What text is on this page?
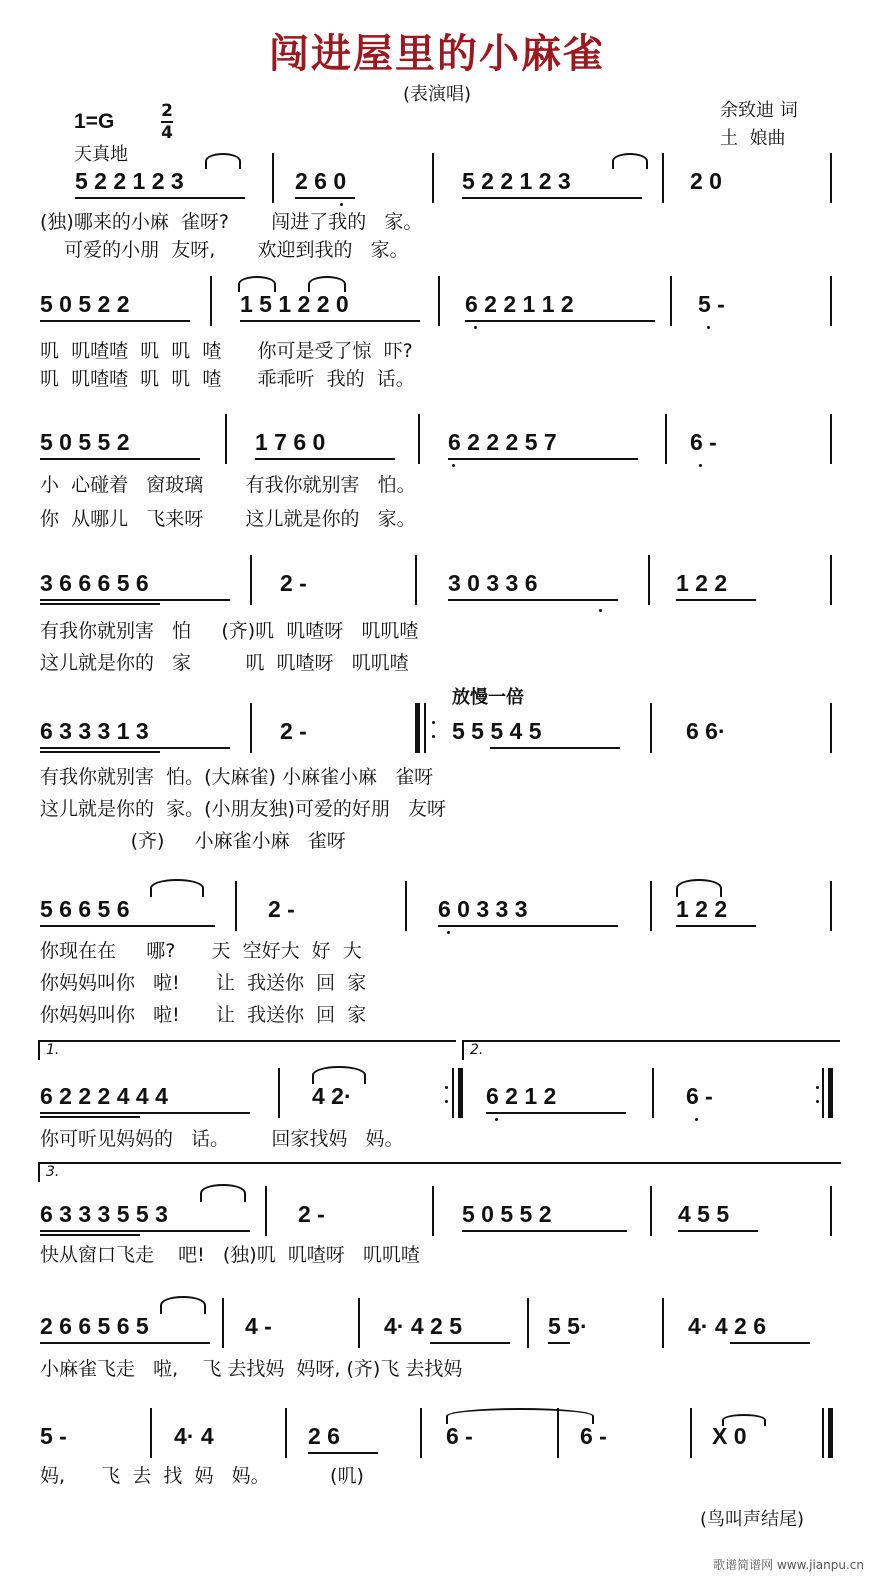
闯进屋里的小麻雀
(表演唱)
1=G	2
4
天真地
余致迪 词
土  娘曲
放慢一倍
5 2 2 1 2 3	2 6 0	5 2 2 1 2 3	2 0
(独)哪来的小麻  雀呀?       闯进了我的   家。
可爱的小朋  友呀,       欢迎到我的   家。
5 0 5 2 2	1 5 1 2 2 0	6 2 2 1 1 2	5 -
叽  叽喳喳  叽  叽  喳      你可是受了惊  吓?
叽  叽喳喳  叽  叽  喳      乖乖听  我的  话。
5 0 5 5 2	1 7 6 0	6 2 2 2 5 7	6 -
小  心碰着   窗玻璃       有我你就别害   怕。
你  从哪儿   飞来呀       这儿就是你的   家。
3 6 6 6 5 6	2 -	3 0 3 3 6	1 2 2
有我你就别害   怕     (齐)叽  叽喳呀   叽叽喳
这儿就是你的   家         叽  叽喳呀   叽叽喳
6 3 3 3 1 3	2 -	5 5 5 4 5	6 6·
有我你就别害  怕。(大麻雀) 小麻雀小麻   雀呀
这儿就是你的  家。(小朋友独)可爱的好朋   友呀
(齐)     小麻雀小麻   雀呀
5 6 6 5 6	2 -	6 0 3 3 3	1 2 2
你现在在     哪?      天  空好大  好  大
你妈妈叫你   啦!      让  我送你  回  家
你妈妈叫你   啦!      让  我送你  回  家
1.	2.
6 2 2 2 4 4 4	4 2·	6 2 1 2	6 -
你可听见妈妈的   话。       回家找妈   妈。
3.
6 3 3 3 5 5 3	2 -	5 0 5 5 2	4 5 5
快从窗口飞走    吧!   (独)叽  叽喳呀   叽叽喳
2 6 6 5 6 5	4 -	4· 4 2 5	5 5·	4· 4 2 6
小麻雀飞走   啦,    飞 去找妈  妈呀, (齐)飞 去找妈
5 -	4· 4	2 6	6 -	6 -	X 0
妈,      飞  去  找  妈   妈。          (叽)
(鸟叫声结尾)
歌谱简谱网 www.jianpu.cn
